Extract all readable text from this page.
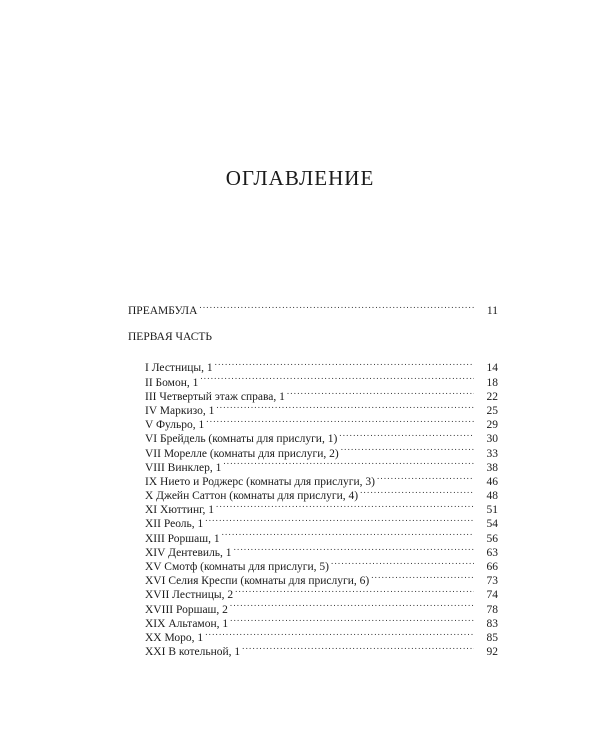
ОГЛАВЛЕНИЕ
ПРЕАМБУЛА .....	11
ПЕРВАЯ ЧАСТЬ
I Лестницы, 1 .....	14
II Бомон, 1 .....	18
III Четвертый этаж справа, 1 .....	22
IV Маркизо, 1 .....	25
V Фульро, 1 .....	29
VI Брейдель (комнаты для прислуги, 1) .....	30
VII Морелле (комнаты для прислуги, 2) .....	33
VIII Винклер, 1 .....	38
IX Нието и Роджерс (комнаты для прислуги, 3) .....	46
X Джейн Саттон (комнаты для прислуги, 4) .....	48
XI Хюттинг, 1 .....	51
XII Реоль, 1 .....	54
XIII Роршаш, 1 .....	56
XIV Дентевиль, 1 .....	63
XV Смотф (комнаты для прислуги, 5) .....	66
XVI Селия Креспи (комнаты для прислуги, 6) .....	73
XVII Лестницы, 2 .....	74
XVIII Роршаш, 2 .....	78
XIX Альтамон, 1 .....	83
XX Моро, 1 .....	85
XXI В котельной, 1 .....	92
